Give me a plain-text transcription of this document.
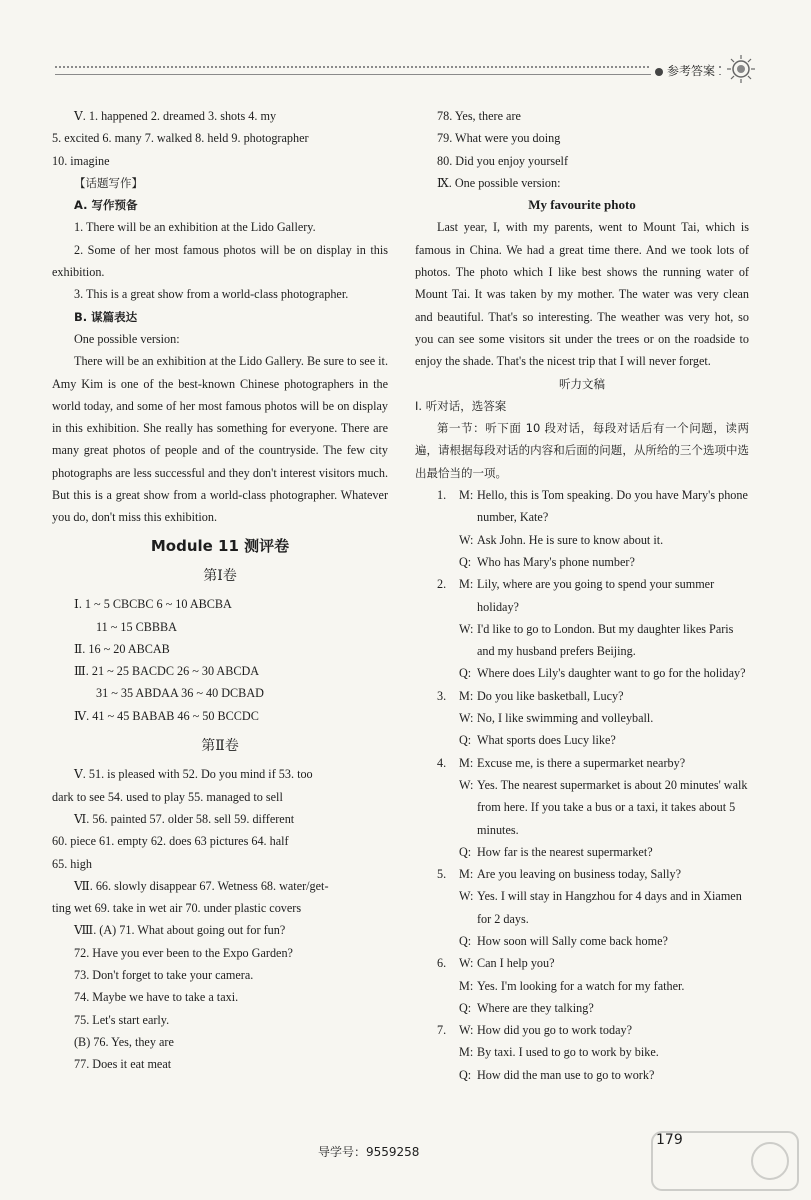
参考答案
Ⅴ. 1. happened 2. dreamed 3. shots 4. my
5. excited 6. many 7. walked 8. held 9. photographer
10. imagine
【话题写作】
A. 写作预备

1. There will be an exhibition at the Lido Gallery.

2. Some of her most famous photos will be on display in this exhibition.

3. This is a great show from a world-class photographer.

B. 谋篇表达
One possible version:

There will be an exhibition at the Lido Gallery. Be sure to see it. Amy Kim is one of the best-known Chinese photographers in the world today, and some of her most famous photos will be on display in this exhibition. She really has something for everyone. There are many great photos of people and of the countryside. The few city photographs are less successful and they don't interest visitors much. But this is a great show from a world-class photographer. Whatever you do, don't miss this exhibition.

Module 11 测评卷
第Ⅰ卷
Ⅰ. 1 ~ 5 CBCBC 6 ~ 10 ABCBA
11 ~ 15 CBBBA
Ⅱ. 16 ~ 20 ABCAB
Ⅲ. 21 ~ 25 BACDC 26 ~ 30 ABCDA
31 ~ 35 ABDAA 36 ~ 40 DCBAD
Ⅳ. 41 ~ 45 BABAB 46 ~ 50 BCCDC
第Ⅱ卷
Ⅴ. 51. is pleased with 52. Do you mind if 53. too
dark to see 54. used to play 55. managed to sell
Ⅵ. 56. painted 57. older 58. sell 59. different
60. piece 61. empty 62. does 63 pictures 64. half
65. high
Ⅶ. 66. slowly disappear 67. Wetness 68. water/get-
ting wet 69. take in wet air 70. under plastic covers
Ⅷ. (A) 71. What about going out for fun?
72. Have you ever been to the Expo Garden?
73. Don't forget to take your camera.
74. Maybe we have to take a taxi.
75. Let's start early.
(B) 76. Yes, they are
77. Does it eat meat
78. Yes, there are
79. What were you doing
80. Did you enjoy yourself
Ⅸ. One possible version:
My favourite photo

Last year, I, with my parents, went to Mount Tai, which is famous in China. We had a great time there. And we took lots of photos. The photo which I like best shows the running water of Mount Tai. It was taken by my mother. The water was very clean and beautiful. That's so interesting. The weather was very hot, so you can see some visitors sit under the trees or on the roadside to enjoy the shade. That's the nicest trip that I will never forget.

听力文稿
Ⅰ. 听对话，选答案

第一节：听下面 10 段对话，每段对话后有一个问题，读两遍，请根据每段对话的内容和后面的问题，从所给的三个选项中选出最恰当的一项。

1.	M: Hello, this is Tom speaking. Do you have Mary's phone number, Kate?
W: Ask John. He is sure to know about it.
Q: Who has Mary's phone number?
2.	M: Lily, where are you going to spend your summer holiday?
W: I'd like to go to London. But my daughter likes Paris and my husband prefers Beijing.
Q: Where does Lily's daughter want to go for the holiday?
3.	M: Do you like basketball, Lucy?
W: No, I like swimming and volleyball.
Q: What sports does Lucy like?
4.	M: Excuse me, is there a supermarket nearby?
W: Yes. The nearest supermarket is about 20 minutes' walk from here. If you take a bus or a taxi, it takes about 5 minutes.
Q: How far is the nearest supermarket?
5.	M: Are you leaving on business today, Sally?
W: Yes. I will stay in Hangzhou for 4 days and in Xiamen for 2 days.
Q: How soon will Sally come back home?
6.	W: Can I help you?
M: Yes. I'm looking for a watch for my father.
Q: Where are they talking?
7.	W: How did you go to work today?
M: By taxi. I used to go to work by bike.
Q: How did the man use to go to work?
导学号：9559258
179
